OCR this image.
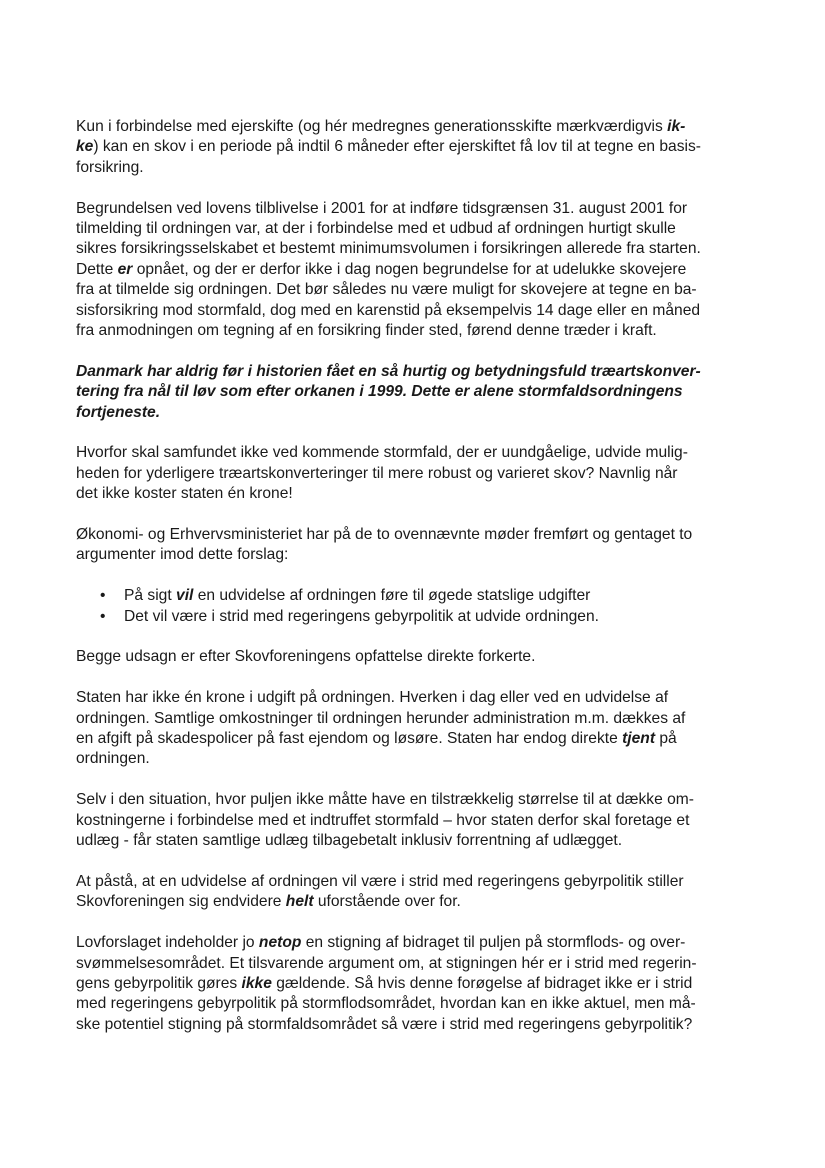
Kun i forbindelse med ejerskifte (og hér medregnes generationsskifte mærkværdigvis ik-
ke) kan en skov i en periode på indtil 6 måneder efter ejerskiftet få lov til at tegne en basis-
forsikring.

Begrundelsen ved lovens tilblivelse i 2001 for at indføre tidsgrænsen 31. august 2001 for
tilmelding til ordningen var, at der i forbindelse med et udbud af ordningen hurtigt skulle
sikres forsikringsselskabet et bestemt minimumsvolumen i forsikringen allerede fra starten.
Dette er opnået, og der er derfor ikke i dag nogen begrundelse for at udelukke skovejere
fra at tilmelde sig ordningen. Det bør således nu være muligt for skovejere at tegne en ba-
sisforsikring mod stormfald, dog med en karenstid på eksempelvis 14 dage eller en måned
fra anmodningen om tegning af en forsikring finder sted, førend denne træder i kraft.

Danmark har aldrig før i historien fået en så hurtig og betydningsfuld træartskonver-
tering fra nål til løv som efter orkanen i 1999. Dette er alene stormfaldsordningens
fortjeneste.

Hvorfor skal samfundet ikke ved kommende stormfald, der er uundgåelige, udvide mulig-
heden for yderligere træartskonverteringer til mere robust og varieret skov? Navnlig når
det ikke koster staten én krone!

Økonomi- og Erhvervsministeriet har på de to ovennævnte møder fremført og gentaget to
argumenter imod dette forslag:

• På sigt vil en udvidelse af ordningen føre til øgede statslige udgifter
• Det vil være i strid med regeringens gebyrpolitik at udvide ordningen.

Begge udsagn er efter Skovforeningens opfattelse direkte forkerte.

Staten har ikke én krone i udgift på ordningen. Hverken i dag eller ved en udvidelse af
ordningen. Samtlige omkostninger til ordningen herunder administration m.m. dækkes af
en afgift på skadespolicer på fast ejendom og løsøre. Staten har endog direkte tjent på
ordningen.

Selv i den situation, hvor puljen ikke måtte have en tilstrækkelig størrelse til at dække om-
kostningerne i forbindelse med et indtruffet stormfald – hvor staten derfor skal foretage et
udlæg - får staten samtlige udlæg tilbagebetalt inklusiv forrentning af udlægget.

At påstå, at en udvidelse af ordningen vil være i strid med regeringens gebyrpolitik stiller
Skovforeningen sig endvidere helt uforstående over for.

Lovforslaget indeholder jo netop en stigning af bidraget til puljen på stormflods- og over-
svømmelsesområdet. Et tilsvarende argument om, at stigningen hér er i strid med regerin-
gens gebyrpolitik gøres ikke gældende. Så hvis denne forøgelse af bidraget ikke er i strid
med regeringens gebyrpolitik på stormflodsområdet, hvordan kan en ikke aktuel, men må-
ske potentiel stigning på stormfaldsområdet så være i strid med regeringens gebyrpolitik?
